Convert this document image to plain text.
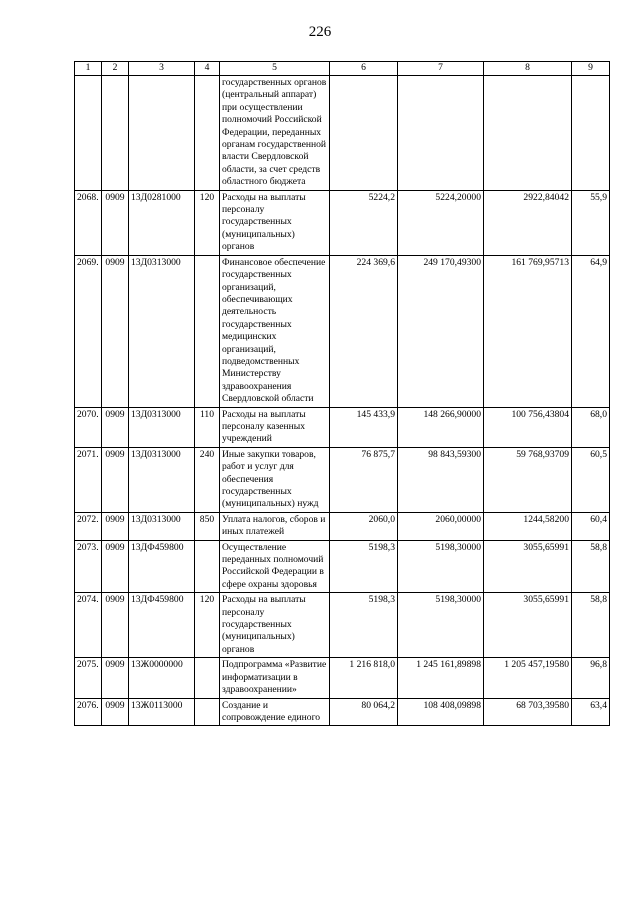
226
1	2	3	4	5	6	7	8	9
				государственных органов (центральный аппарат) при осуществлении полномочий Российской Федерации, переданных органам государственной власти Свердловской области, за счет средств областного бюджета				
2068.	0909	13Д0281000	120	Расходы на выплаты персоналу государственных (муниципальных) органов	5224,2	5224,20000	2922,84042	55,9
2069.	0909	13Д0313000		Финансовое обеспечение государственных организаций, обеспечивающих деятельность государственных медицинских организаций, подведомственных Министерству здравоохранения Свердловской области	224 369,6	249 170,49300	161 769,95713	64,9
2070.	0909	13Д0313000	110	Расходы на выплаты персоналу казенных учреждений	145 433,9	148 266,90000	100 756,43804	68,0
2071.	0909	13Д0313000	240	Иные закупки товаров, работ и услуг для обеспечения государственных (муниципальных) нужд	76 875,7	98 843,59300	59 768,93709	60,5
2072.	0909	13Д0313000	850	Уплата налогов, сборов и иных платежей	2060,0	2060,00000	1244,58200	60,4
2073.	0909	13ДФ459800		Осуществление переданных полномочий Российской Федерации в сфере охраны здоровья	5198,3	5198,30000	3055,65991	58,8
2074.	0909	13ДФ459800	120	Расходы на выплаты персоналу государственных (муниципальных) органов	5198,3	5198,30000	3055,65991	58,8
2075.	0909	13Ж0000000		Подпрограмма «Развитие информатизации в здравоохранении»	1 216 818,0	1 245 161,89898	1 205 457,19580	96,8
2076.	0909	13Ж0113000		Создание и сопровождение единого	80 064,2	108 408,09898	68 703,39580	63,4
